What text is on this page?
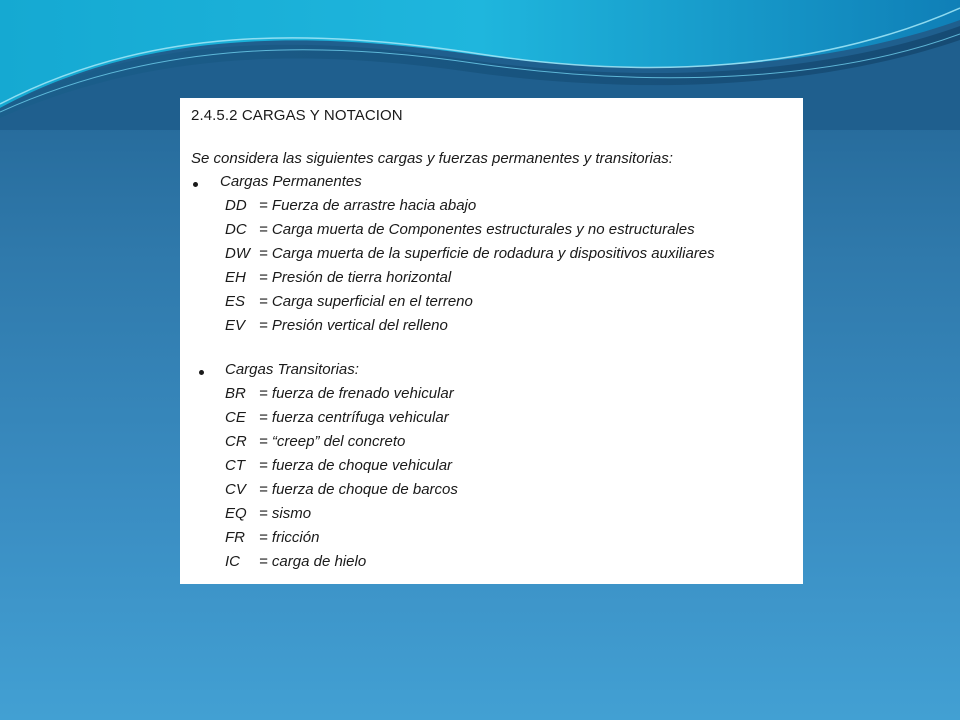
2.4.5.2 CARGAS Y NOTACION
Se considera las siguientes cargas y fuerzas permanentes y transitorias:
Cargas Permanentes
DD = Fuerza de arrastre hacia abajo
DC = Carga muerta de Componentes estructurales y no estructurales
DW = Carga muerta de la superficie de rodadura y dispositivos auxiliares
EH = Presión de tierra horizontal
ES = Carga superficial en el terreno
EV = Presión vertical del relleno
Cargas Transitorias:
BR = fuerza de frenado vehicular
CE = fuerza centrífuga vehicular
CR = “creep” del concreto
CT = fuerza de choque vehicular
CV = fuerza de choque de barcos
EQ = sismo
FR = fricción
IC	= carga de hielo
